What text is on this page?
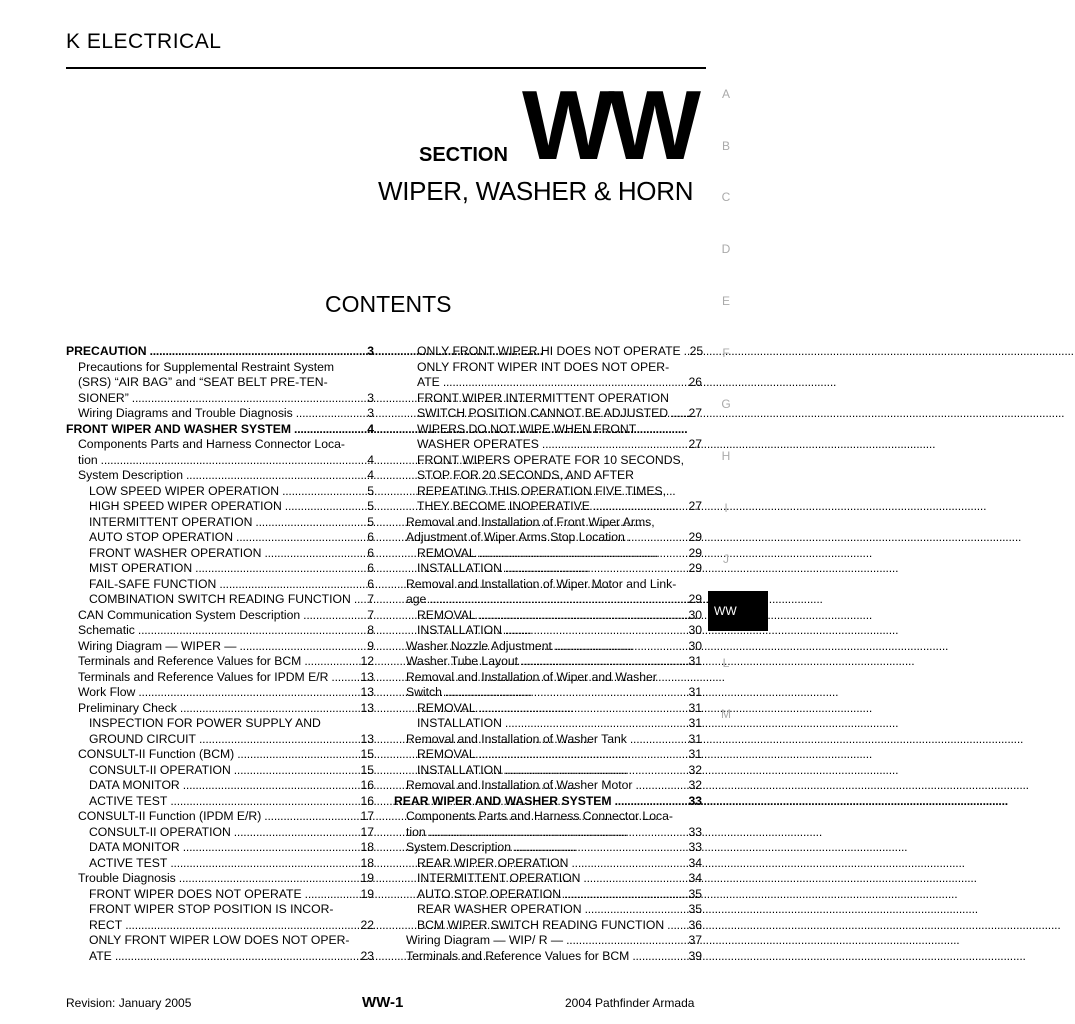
K ELECTRICAL
SECTION WW
WIPER, WASHER & HORN
CONTENTS
PRECAUTION . . .	3
Precautions for Supplemental Restraint System
(SRS) “AIR BAG” and “SEAT BELT PRE-TEN-
SIONER” . . .	3
Wiring Diagrams and Trouble Diagnosis . . .	3
FRONT WIPER AND WASHER SYSTEM . . .	4
Components Parts and Harness Connector Loca-
tion . . .	4
System Description . . .	4
LOW SPEED WIPER OPERATION . . .	5
HIGH SPEED WIPER OPERATION . . .	5
INTERMITTENT OPERATION . . .	5
AUTO STOP OPERATION . . .	6
FRONT WASHER OPERATION . . .	6
MIST OPERATION . . .	6
FAIL-SAFE FUNCTION . . .	6
COMBINATION SWITCH READING FUNCTION . . . 7
CAN Communication System Description . . .	7
Schematic . . .	8
Wiring Diagram — WIPER — . . .	9
Terminals and Reference Values for BCM . . .	12
Terminals and Reference Values for IPDM E/R . . .	13
Work Flow . . .	13
Preliminary Check . . .	13
INSPECTION FOR POWER SUPPLY AND
GROUND CIRCUIT . . .	13
CONSULT-II Function (BCM) . . .	15
CONSULT-II OPERATION . . .	15
DATA MONITOR . . .	16
ACTIVE TEST . . .	16
CONSULT-II Function (IPDM E/R) . . .	17
CONSULT-II OPERATION . . .	17
DATA MONITOR . . .	18
ACTIVE TEST . . .	18
Trouble Diagnosis . . .	19
FRONT WIPER DOES NOT OPERATE . . .	19
FRONT WIPER STOP POSITION IS INCOR-
RECT . . .	22
ONLY FRONT WIPER LOW DOES NOT OPER-
ATE . . .	23
ONLY FRONT WIPER HI DOES NOT OPERATE . . . 25
ONLY FRONT WIPER INT DOES NOT OPER-
ATE . . .	26
FRONT WIPER INTERMITTENT OPERATION
SWITCH POSITION CANNOT BE ADJUSTED . . . 27
WIPERS DO NOT WIPE WHEN FRONT
WASHER OPERATES . . .	27
FRONT WIPERS OPERATE FOR 10 SECONDS,
STOP FOR 20 SECONDS, AND AFTER
REPEATING THIS OPERATION FIVE TIMES,
THEY BECOME INOPERATIVE . . .	27
Removal and Installation of Front Wiper Arms,
Adjustment of Wiper Arms Stop Location . . .	29
REMOVAL . . .	29
INSTALLATION . . .	29
Removal and Installation of Wiper Motor and Link-
age . . .	29
REMOVAL . . .	30
INSTALLATION . . .	30
Washer Nozzle Adjustment . . .	30
Washer Tube Layout . . .	31
Removal and Installation of Wiper and Washer
Switch . . .	31
REMOVAL . . .	31
INSTALLATION . . .	31
Removal and Installation of Washer Tank . . .	31
REMOVAL . . .	31
INSTALLATION . . .	32
Removal and Installation of Washer Motor . . .	32
REAR WIPER AND WASHER SYSTEM . . .	33
Components Parts and Harness Connector Loca-
tion . . .	33
System Description . . .	33
REAR WIPER OPERATION . . .	34
INTERMITTENT OPERATION . . .	34
AUTO STOP OPERATION . . .	35
REAR WASHER OPERATION . . .	35
BCM WIPER SWITCH READING FUNCTION . . . 36
Wiring Diagram — WIP/ R — . . .	37
Terminals and Reference Values for BCM . . .	39
A
B
C
D
E
F
G
H
I
J
WW
L
M
Revision: January 2005	WW-1	2004 Pathfinder Armada
